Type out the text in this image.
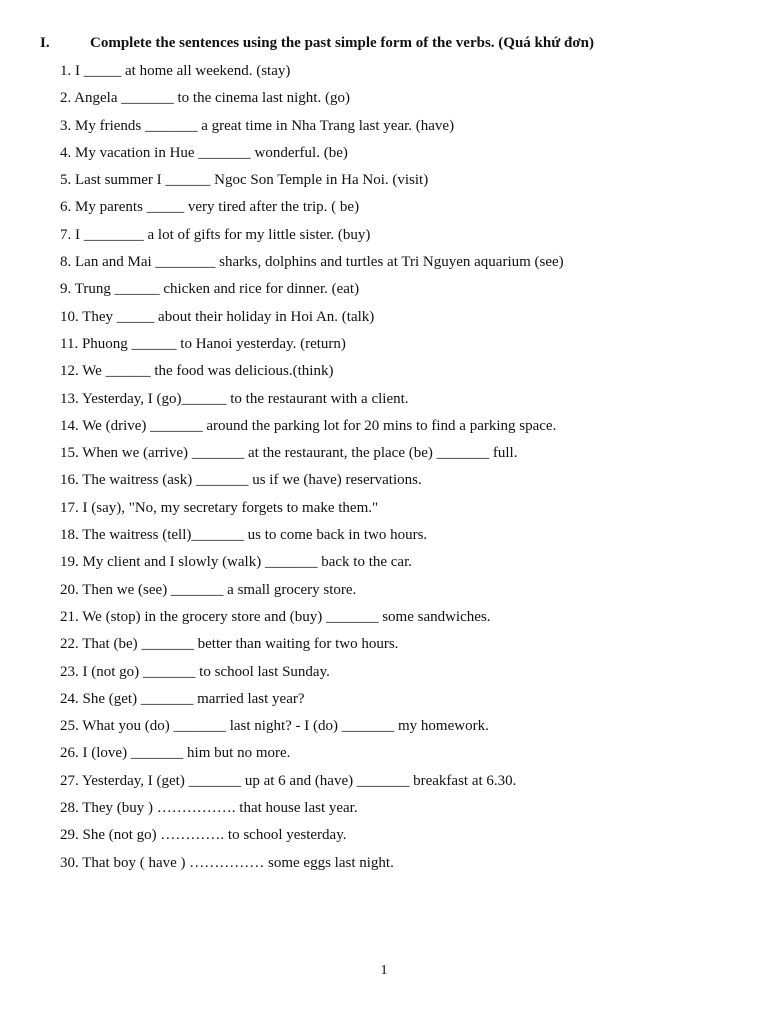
I.	Complete the sentences using the past simple form of the verbs. (Quá khứ đơn)
1. I _____ at home all weekend. (stay)
2. Angela _______ to the cinema last night. (go)
3. My friends _______ a great time in Nha Trang last year. (have)
4. My vacation in Hue _______ wonderful. (be)
5. Last summer I ______ Ngoc Son Temple in Ha Noi. (visit)
6. My parents _____ very tired after the trip. ( be)
7. I ________ a lot of gifts for my little sister. (buy)
8. Lan and Mai ________ sharks, dolphins and turtles at Tri Nguyen aquarium (see)
9. Trung ______ chicken and rice for dinner. (eat)
10. They _____ about their holiday in Hoi An. (talk)
11. Phuong ______ to Hanoi yesterday. (return)
12. We ______ the food was delicious.(think)
13. Yesterday, I (go)______ to the restaurant with a client.
14. We (drive) _______ around the parking lot for 20 mins to find a parking space.
15. When we (arrive) _______ at the restaurant, the place (be) _______ full.
16. The waitress (ask) _______ us if we (have) reservations.
17. I (say), "No, my secretary forgets to make them."
18. The waitress (tell)_______ us to come back in two hours.
19. My client and I slowly (walk) _______ back to the car.
20. Then we (see) _______ a small grocery store.
21. We (stop) in the grocery store and (buy) _______ some sandwiches.
22. That (be) _______ better than waiting for two hours.
23. I (not go) _______ to school last Sunday.
24. She (get) _______ married last year?
25. What you (do) _______ last night? - I (do) _______ my homework.
26. I (love) _______ him but no more.
27. Yesterday, I (get) _______ up at 6 and (have) _______ breakfast at 6.30.
28. They (buy ) ……………. that house last year.
29. She (not go) …………. to school yesterday.
30. That boy ( have ) …………… some eggs last night.
1
